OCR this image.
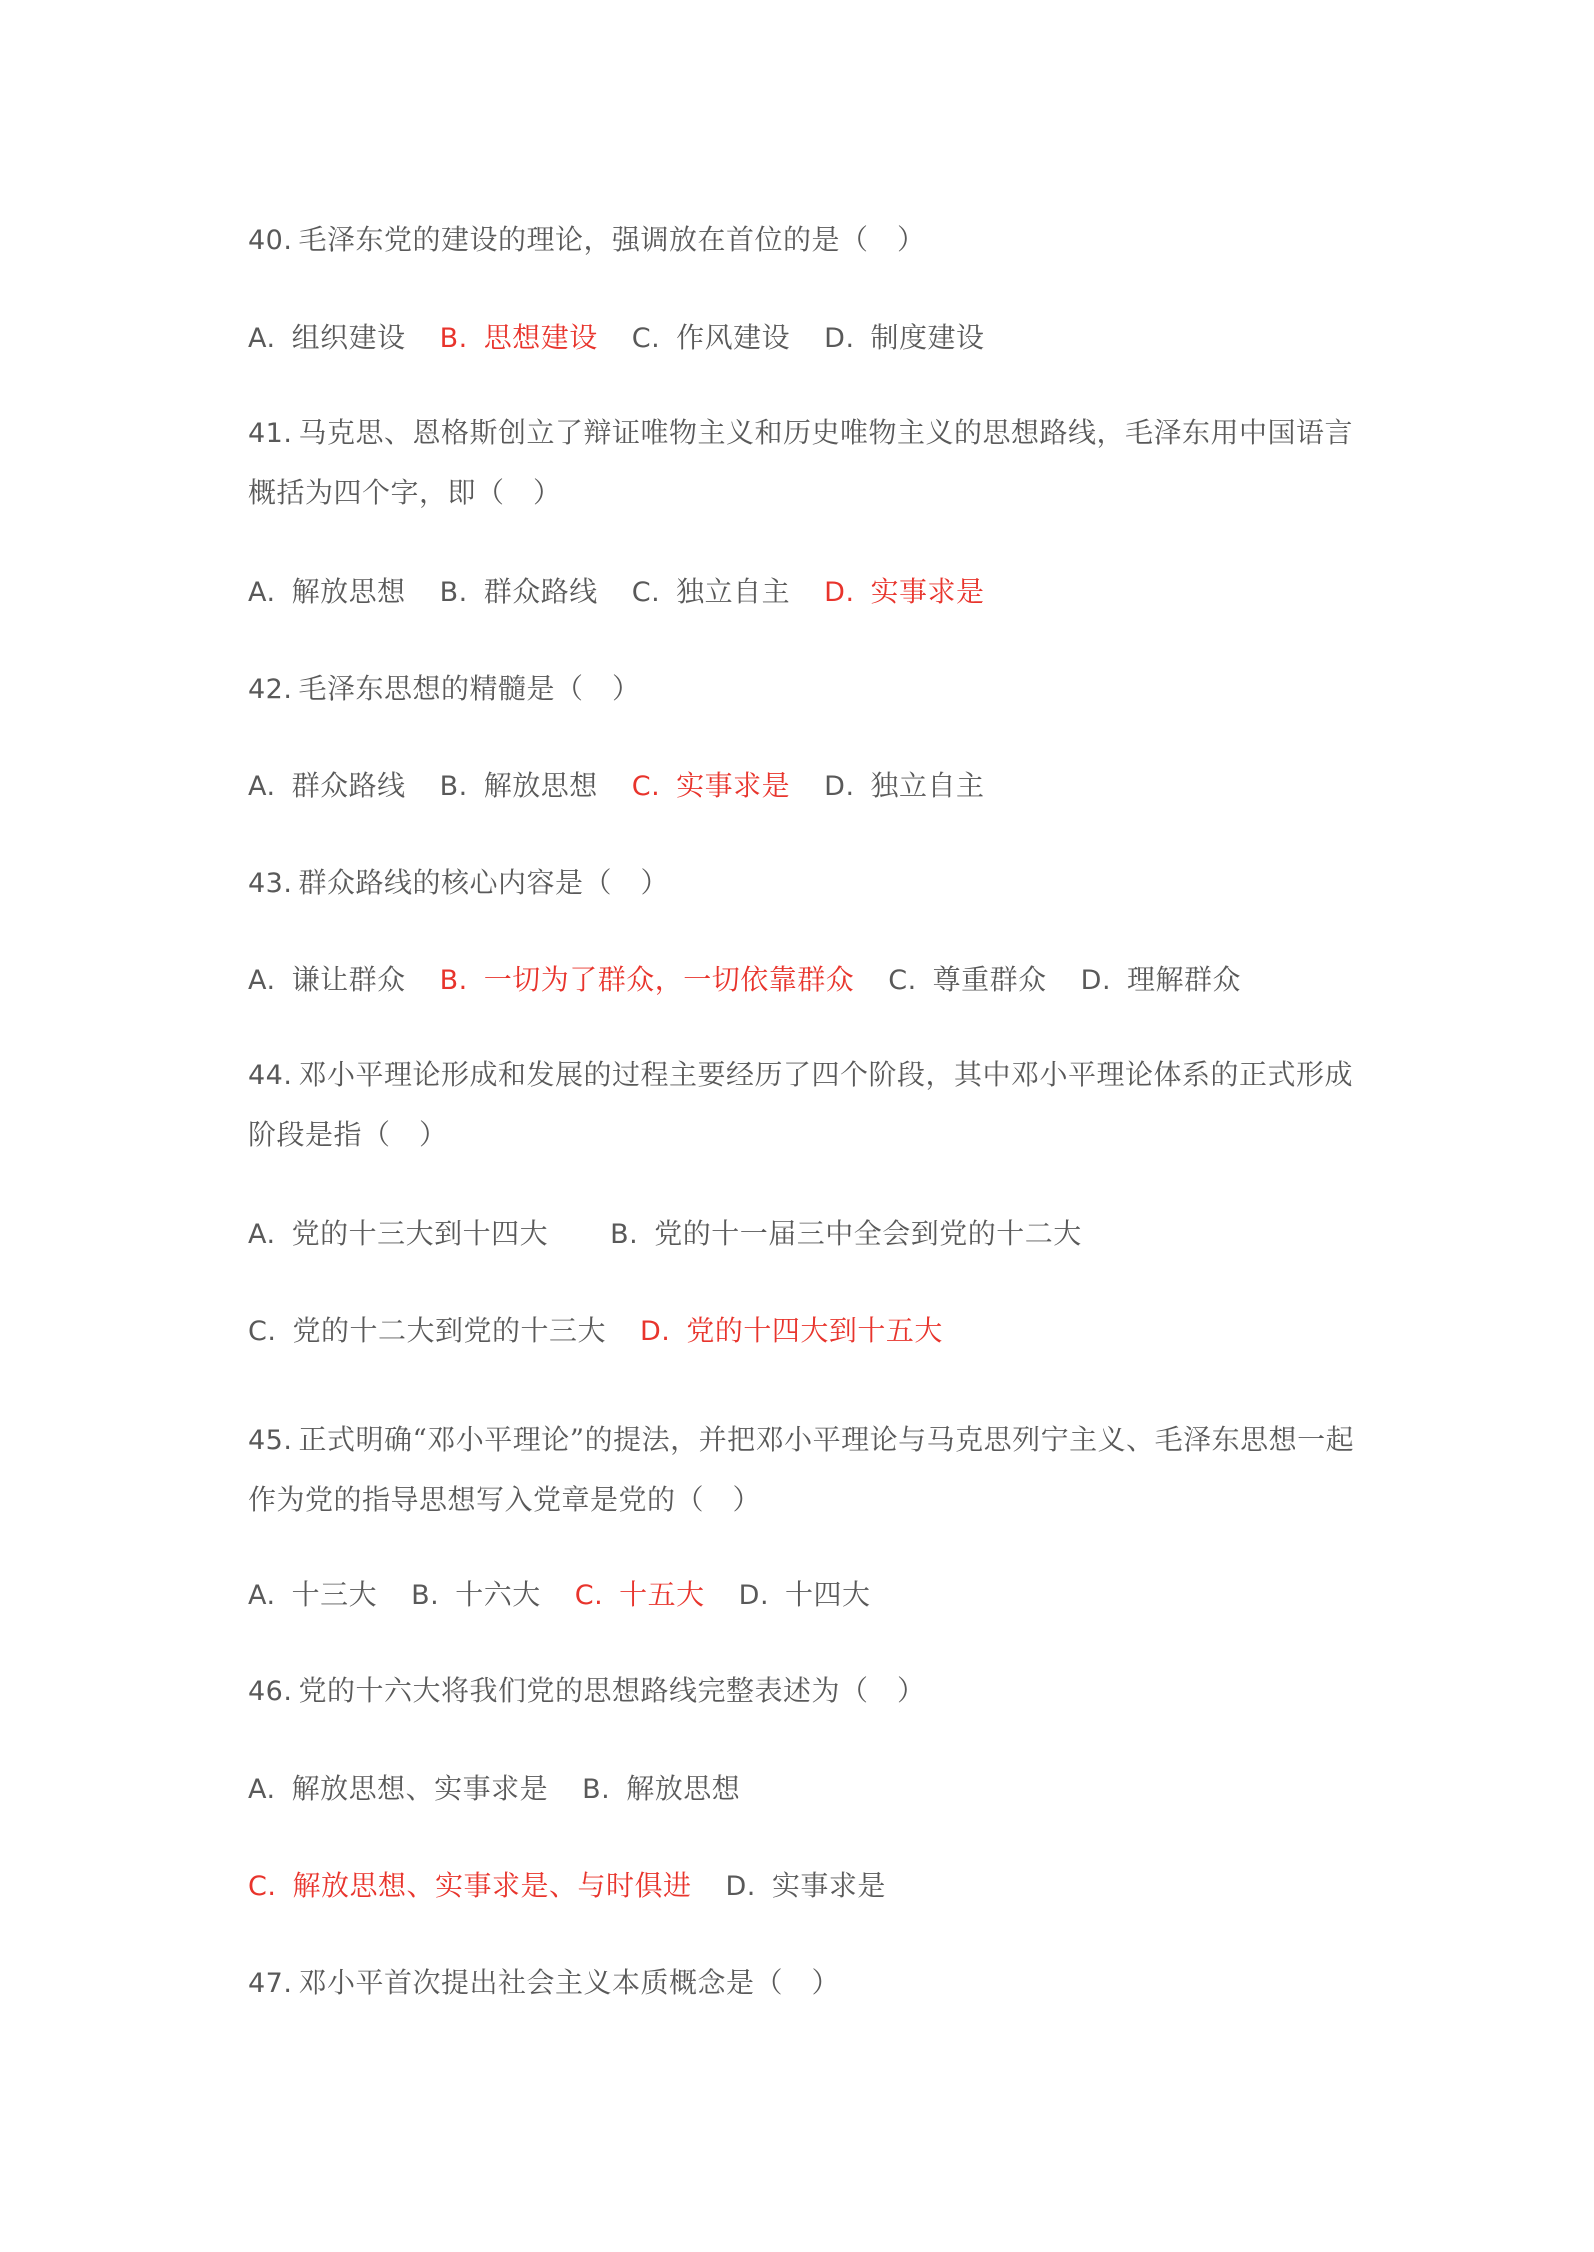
40. 毛泽东党的建设的理论，强调放在首位的是（　）
A. 组织建设 B. 思想建设 C. 作风建设 D. 制度建设
41. 马克思、恩格斯创立了辩证唯物主义和历史唯物主义的思想路线，毛泽东用中国语言概括为四个字，即（　）
A. 解放思想 B. 群众路线 C. 独立自主 D. 实事求是
42. 毛泽东思想的精髓是（　）
A. 群众路线 B. 解放思想 C. 实事求是 D. 独立自主
43. 群众路线的核心内容是（　）
A. 谦让群众 B. 一切为了群众，一切依靠群众 C. 尊重群众 D. 理解群众
44. 邓小平理论形成和发展的过程主要经历了四个阶段，其中邓小平理论体系的正式形成阶段是指（　）
A. 党的十三大到十四大 B. 党的十一届三中全会到党的十二大
C. 党的十二大到党的十三大 D. 党的十四大到十五大
45. 正式明确“邓小平理论”的提法，并把邓小平理论与马克思列宁主义、毛泽东思想一起作为党的指导思想写入党章是党的（　）
A. 十三大 B. 十六大 C. 十五大 D. 十四大
46. 党的十六大将我们党的思想路线完整表述为（　）
A. 解放思想、实事求是 B. 解放思想
C. 解放思想、实事求是、与时俱进 D. 实事求是
47. 邓小平首次提出社会主义本质概念是（　）
